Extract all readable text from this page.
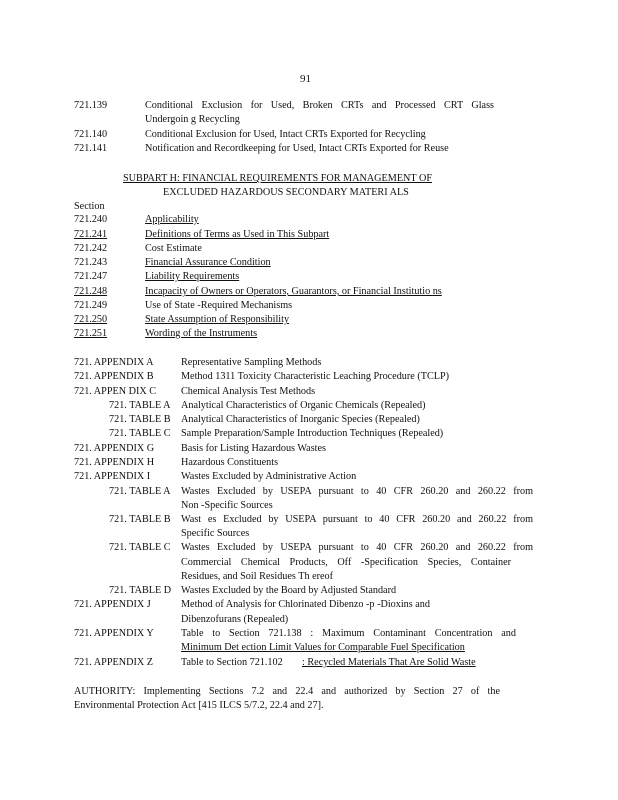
91
721.139	Conditional Exclusion for Used, Broken CRTs and Processed CRT Glass
Undergoin g Recycling
721.140	Conditional Exclusion for Used, Intact CRTs Exported for Recycling
721.141	Notification and Recordkeeping for Used, Intact CRTs Exported for Reuse
SUBPART H: FINANCIAL REQUIREMENTS FOR MANAGEMENT OF
EXCLUDED HAZARDOUS SECONDARY MATERI ALS
Section
721.240	Applicability
721.241	Definitions of Terms as Used in This Subpart
721.242	Cost Estimate
721.243	Financial Assurance Condition
721.247	Liability Requirements
721.248	Incapacity of Owners or Operators, Guarantors, or Financial Institutio ns
721.249	Use of State -Required Mechanisms
721.250	State Assumption of Responsibility
721.251	Wording of the Instruments
721. APPENDIX A	Representative Sampling Methods
721. APPENDIX B	Method 1311 Toxicity Characteristic Leaching Procedure (TCLP)
721. APPEN DIX C Chemical Analysis Test Methods
721. TABLE A Analytical Characteristics of Organic Chemicals (Repealed)
721. TABLE B Analytical Characteristics of Inorganic Species (Repealed)
721. TABLE C Sample Preparation/Sample Introduction Techniques (Repealed)
721. APPENDIX G	Basis for Listing Hazardous Wastes
721. APPENDIX H	Hazardous Constituents
721. APPENDIX I	Wastes Excluded by Administrative Action
721. TABLE A Wastes Excluded by USEPA pursuant to 40 CFR 260.20 and 260.22 from
Non -Specific Sources
721. TABLE B Wast es Excluded by USEPA pursuant to 40 CFR 260.20 and 260.22 from
Specific Sources
721. TABLE C Wastes Excluded by USEPA pursuant to 40 CFR 260.20 and 260.22 from
Commercial Chemical Products, Off -Specification Species, Container
Residues, and Soil Residues Th ereof
721. TABLE D Wastes Excluded by the Board by Adjusted Standard
721. APPENDIX J	Method of Analysis for Chlorinated Dibenzo -p -Dioxins and
Dibenzofurans (Repealed)
721. APPENDIX Y	Table to Section 721.138 : Maximum Contaminant Concentration and
Minimum Det ection Limit Values for Comparable Fuel Specification
721. APPENDIX Z	Table to Section 721.102 : Recycled Materials That Are Solid Waste
AUTHORITY: Implementing Sections 7.2 and 22.4 and authorized by Section 27 of the
Environmental Protection Act [415 ILCS 5/7.2, 22.4 and 27].
